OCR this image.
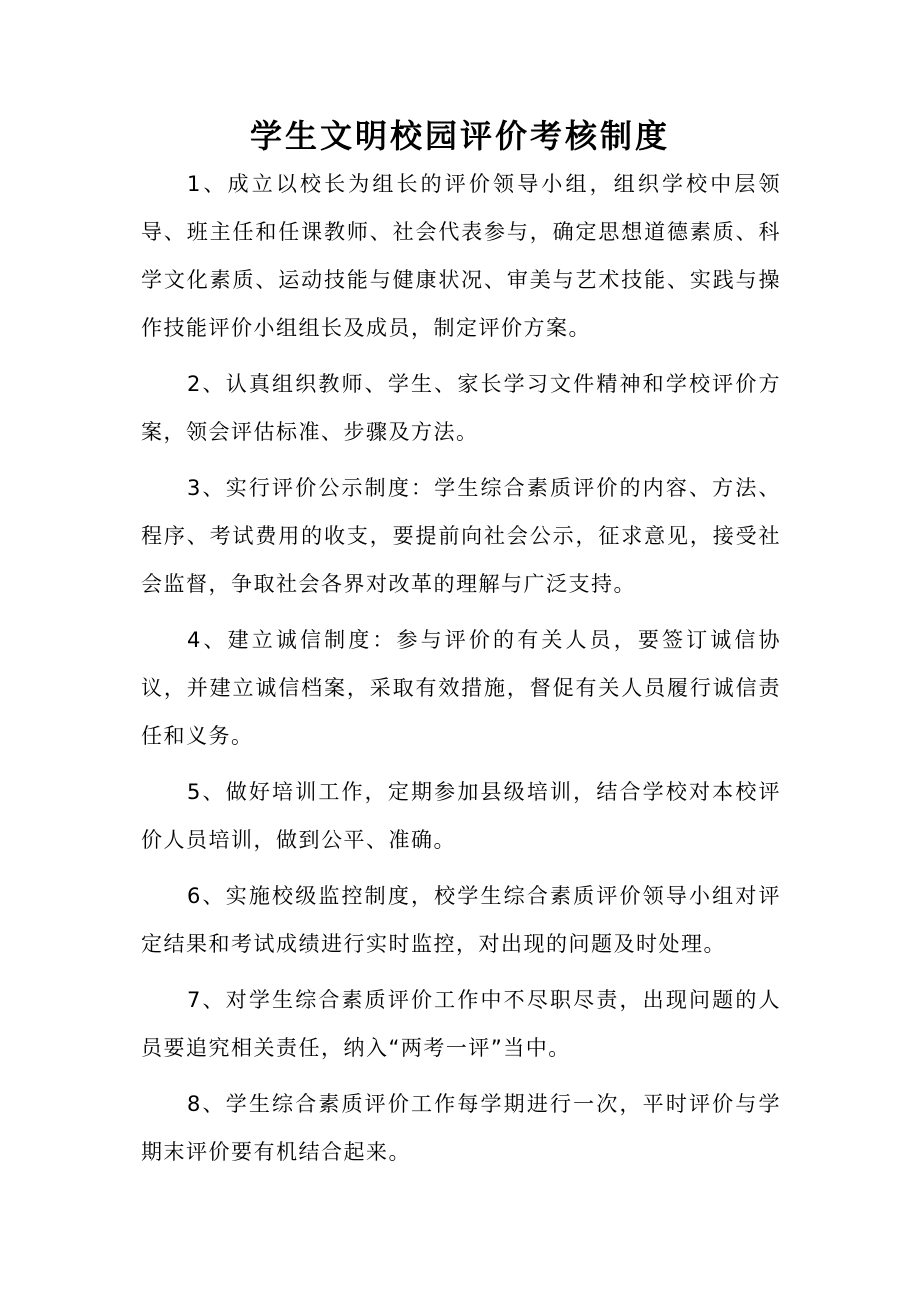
学生文明校园评价考核制度

1、成立以校长为组长的评价领导小组，组织学校中层领导、班主任和任课教师、社会代表参与，确定思想道德素质、科学文化素质、运动技能与健康状况、审美与艺术技能、实践与操作技能评价小组组长及成员，制定评价方案。

2、认真组织教师、学生、家长学习文件精神和学校评价方案，领会评估标准、步骤及方法。

3、实行评价公示制度：学生综合素质评价的内容、方法、程序、考试费用的收支，要提前向社会公示，征求意见，接受社会监督，争取社会各界对改革的理解与广泛支持。

4、建立诚信制度：参与评价的有关人员，要签订诚信协议，并建立诚信档案，采取有效措施，督促有关人员履行诚信责任和义务。

5、做好培训工作，定期参加县级培训，结合学校对本校评价人员培训，做到公平、准确。

6、实施校级监控制度，校学生综合素质评价领导小组对评定结果和考试成绩进行实时监控，对出现的问题及时处理。

7、对学生综合素质评价工作中不尽职尽责，出现问题的人员要追究相关责任，纳入“两考一评”当中。

8、学生综合素质评价工作每学期进行一次，平时评价与学期末评价要有机结合起来。
